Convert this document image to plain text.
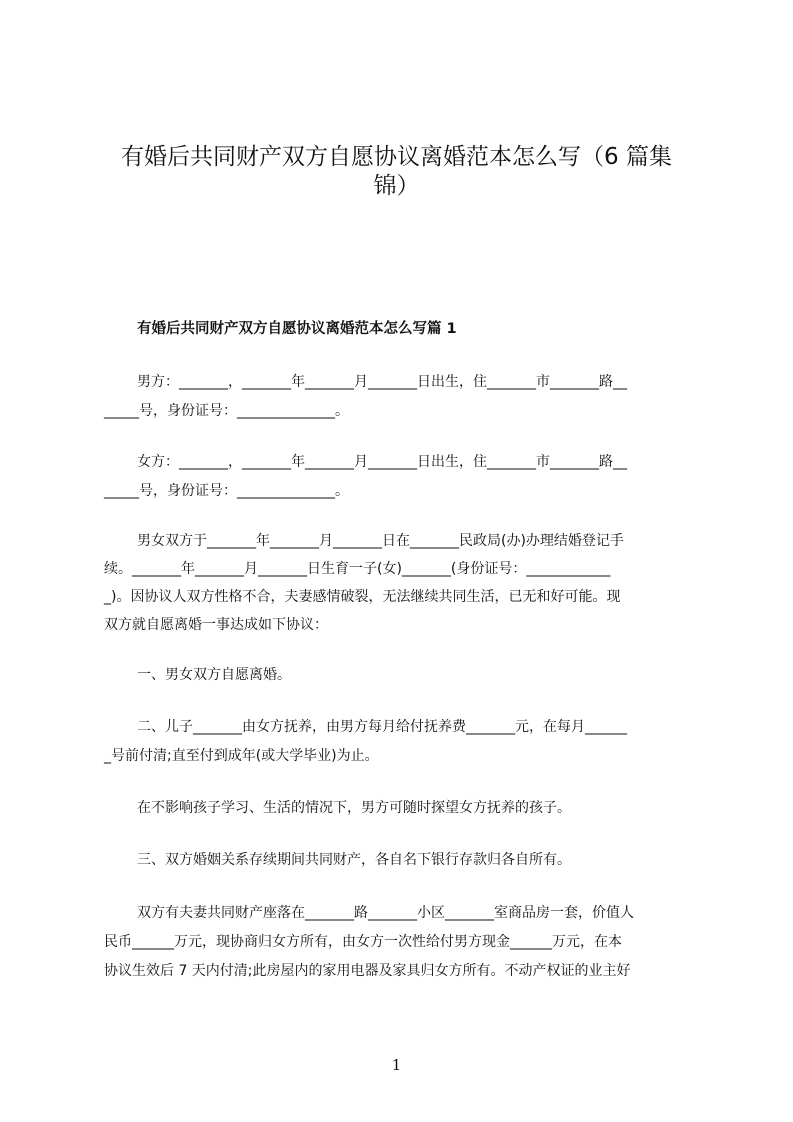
有婚后共同财产双方自愿协议离婚范本怎么写（6 篇集
锦）
有婚后共同财产双方自愿协议离婚范本怎么写篇 1
男方：_______，_______年_______月_______日出生，住_______市_______路__
_____号，身份证号：______________。
女方：_______，_______年_______月_______日出生，住_______市_______路__
_____号，身份证号：______________。
男女双方于_______年_______月_______日在_______民政局(办)办理结婚登记手
续。_______年_______月_______日生育一子(女)_______(身份证号：____________
_)。因协议人双方性格不合，夫妻感情破裂，无法继续共同生活，已无和好可能。现
双方就自愿离婚一事达成如下协议：
一、男女双方自愿离婚。
二、儿子_______由女方抚养，由男方每月给付抚养费_______元，在每月______
_号前付清;直至付到成年(或大学毕业)为止。
在不影响孩子学习、生活的情况下，男方可随时探望女方抚养的孩子。
三、双方婚姻关系存续期间共同财产，各自名下银行存款归各自所有。
双方有夫妻共同财产座落在_______路_______小区_______室商品房一套，价值人
民币______万元，现协商归女方所有，由女方一次性给付男方现金______万元，在本
协议生效后 7 天内付清;此房屋内的家用电器及家具归女方所有。不动产权证的业主好
1
